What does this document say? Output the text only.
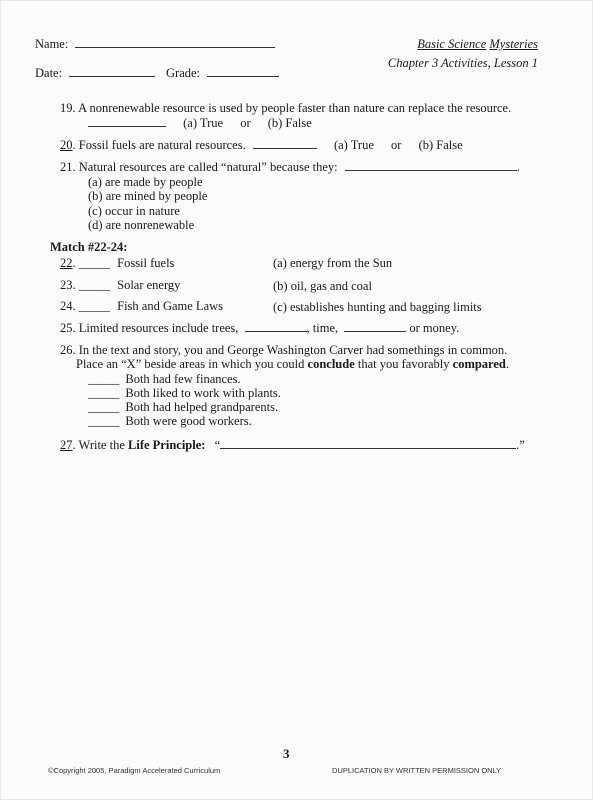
Name:
Date:	Grade:
Basic Science Mysteries
Chapter 3 Activities, Lesson 1
19. A nonrenewable resource is used by people faster than nature can replace the resource.
(a) True or (b) False
20. Fossil fuels are natural resources.	(a) True or (b) False
21. Natural resources are called “natural” because they:	.
(a) are made by people
(b) are mined by people
(c) occur in nature
(d) are nonrenewable
Match #22-24:
22. _____ Fossil fuels	(a) energy from the Sun
23. _____ Solar energy	(b) oil, gas and coal
24. _____ Fish and Game Laws	(c) establishes hunting and bagging limits
25. Limited resources include trees,	, time,	or money.
26. In the text and story, you and George Washington Carver had somethings in common.
Place an “X” beside areas in which you could conclude that you favorably compared.
_____ Both had few finances.
_____ Both liked to work with plants.
_____ Both had helped grandparents.
_____ Both were good workers.
27. Write the Life Principle: “	.”
3
©Copyright 2005, Paradigm Accelerated Curriculum	DUPLICATION BY WRITTEN PERMISSION ONLY
